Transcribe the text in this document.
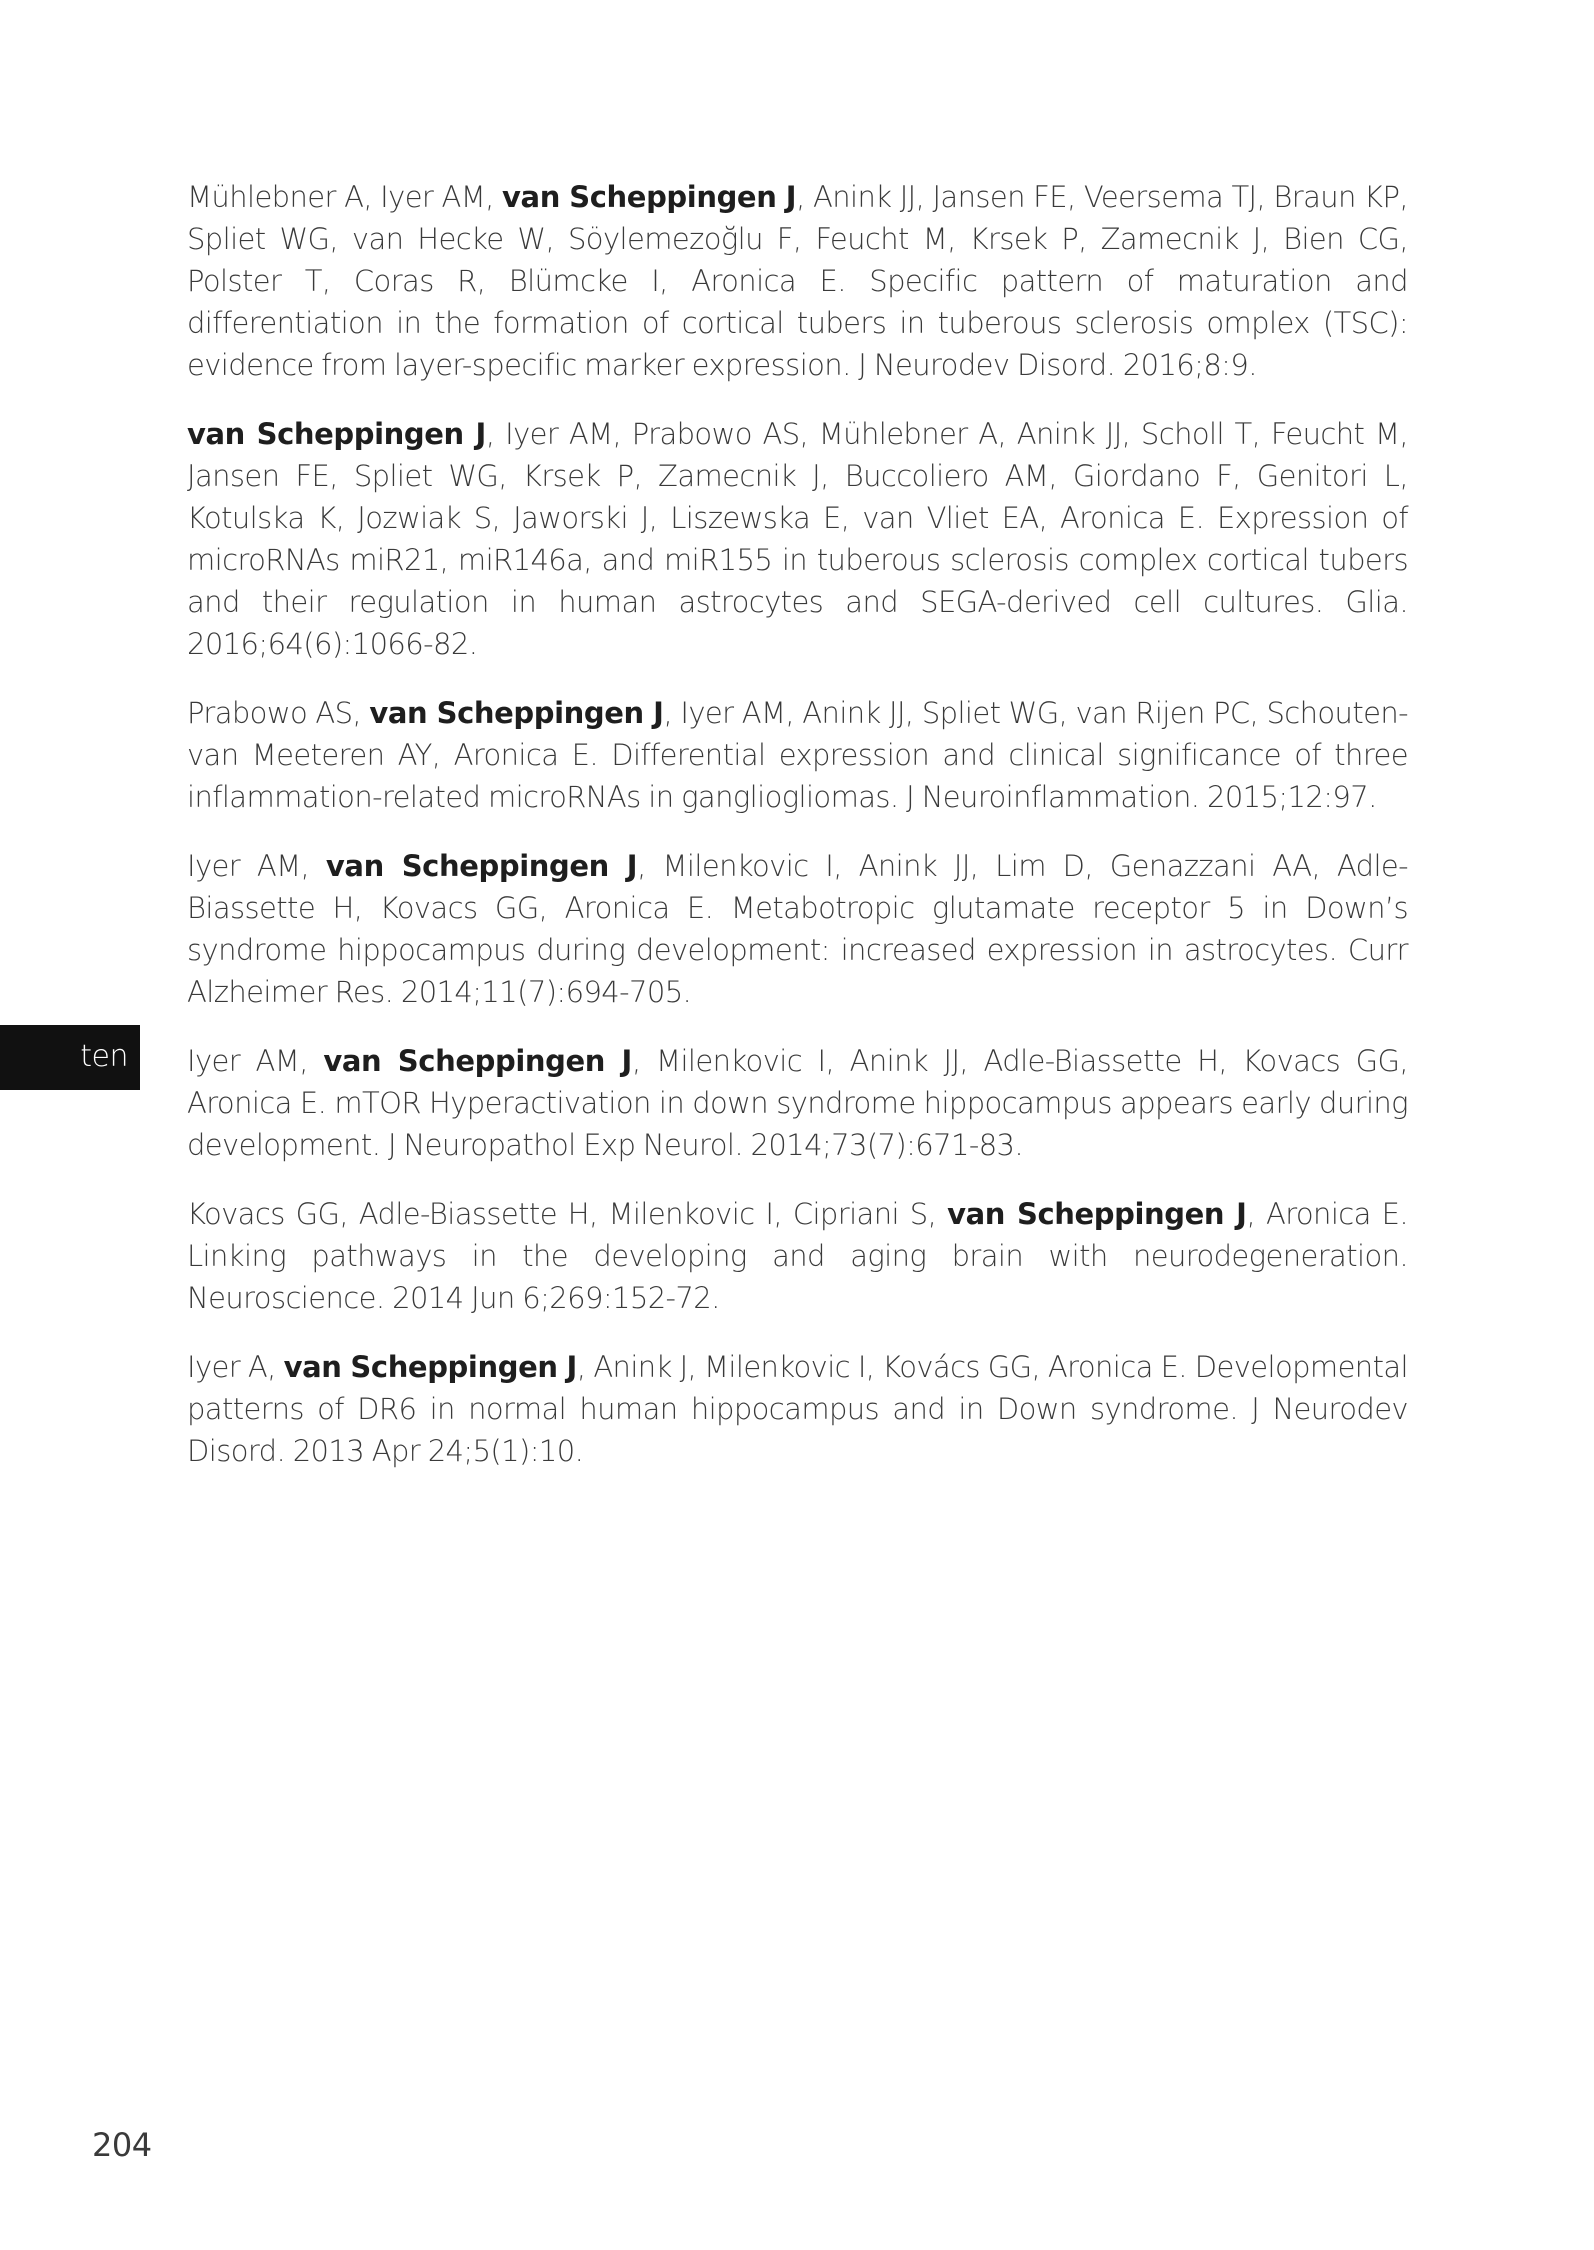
Mühlebner A, Iyer AM, van Scheppingen J, Anink JJ, Jansen FE, Veersema TJ, Braun KP, Spliet WG, van Hecke W, Söylemezoğlu F, Feucht M, Krsek P, Zamecnik J, Bien CG, Polster T, Coras R, Blümcke I, Aronica E. Specific pattern of maturation and differentiation in the formation of cortical tubers in tuberous sclerosis omplex (TSC): evidence from layer-specific marker expression. J Neurodev Disord. 2016;8:9.

van Scheppingen J, Iyer AM, Prabowo AS, Mühlebner A, Anink JJ, Scholl T, Feucht M, Jansen FE, Spliet WG, Krsek P, Zamecnik J, Buccoliero AM, Giordano F, Genitori L, Kotulska K, Jozwiak S, Jaworski J, Liszewska E, van Vliet EA, Aronica E. Expression of microRNAs miR21, miR146a, and miR155 in tuberous sclerosis complex cortical tubers and their regulation in human astrocytes and SEGA-derived cell cultures. Glia. 2016;64(6):1066-82.

Prabowo AS, van Scheppingen J, Iyer AM, Anink JJ, Spliet WG, van Rijen PC, Schouten-van Meeteren AY, Aronica E. Differential expression and clinical significance of three inflammation-related microRNAs in gangliogliomas. J Neuroinflammation. 2015;12:97.

Iyer AM, van Scheppingen J, Milenkovic I, Anink JJ, Lim D, Genazzani AA, Adle-Biassette H, Kovacs GG, Aronica E. Metabotropic glutamate receptor 5 in Down’s syndrome hippocampus during development: increased expression in astrocytes. Curr Alzheimer Res. 2014;11(7):694-705.

Iyer AM, van Scheppingen J, Milenkovic I, Anink JJ, Adle-Biassette H, Kovacs GG, Aronica E. mTOR Hyperactivation in down syndrome hippocampus appears early during development. J Neuropathol Exp Neurol. 2014;73(7):671-83.

Kovacs GG, Adle-Biassette H, Milenkovic I, Cipriani S, van Scheppingen J, Aronica E. Linking pathways in the developing and aging brain with neurodegeneration. Neuroscience. 2014 Jun 6;269:152-72.

Iyer A, van Scheppingen J, Anink J, Milenkovic I, Kovács GG, Aronica E. Developmental patterns of DR6 in normal human hippocampus and in Down syndrome. J Neurodev Disord. 2013 Apr 24;5(1):10.

ten
204
